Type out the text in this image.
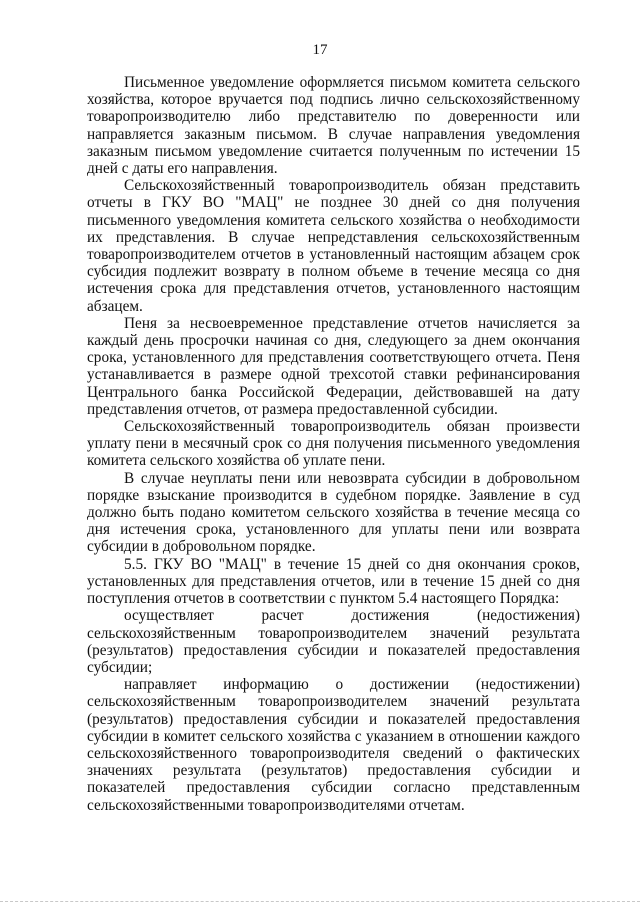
17

Письменное уведомление оформляется письмом комитета сельского хозяйства, которое вручается под подпись лично сельскохозяйственному товаропроизводителю либо представителю по доверенности или направляется заказным письмом. В случае направления уведомления заказным письмом уведомление считается полученным по истечении 15 дней с даты его направления.

Сельскохозяйственный товаропроизводитель обязан представить отчеты в ГКУ ВО "МАЦ" не позднее 30 дней со дня получения письменного уведомления комитета сельского хозяйства о необходимости их представления. В случае непредставления сельскохозяйственным товаропроизводителем отчетов в установленный настоящим абзацем срок субсидия подлежит возврату в полном объеме в течение месяца со дня истечения срока для представления отчетов, установленного настоящим абзацем.

Пеня за несвоевременное представление отчетов начисляется за каждый день просрочки начиная со дня, следующего за днем окончания срока, установленного для представления соответствующего отчета. Пеня устанавливается в размере одной трехсотой ставки рефинансирования Центрального банка Российской Федерации, действовавшей на дату представления отчетов, от размера предоставленной субсидии.

Сельскохозяйственный товаропроизводитель обязан произвести уплату пени в месячный срок со дня получения письменного уведомления комитета сельского хозяйства об уплате пени.

В случае неуплаты пени или невозврата субсидии в добровольном порядке взыскание производится в судебном порядке. Заявление в суд должно быть подано комитетом сельского хозяйства в течение месяца со дня истечения срока, установленного для уплаты пени или возврата субсидии в добровольном порядке.

5.5. ГКУ ВО "МАЦ" в течение 15 дней со дня окончания сроков, установленных для представления отчетов, или в течение 15 дней со дня поступления отчетов в соответствии с пунктом 5.4 настоящего Порядка:

осуществляет расчет достижения (недостижения) сельскохозяйственным товаропроизводителем значений результата (результатов) предоставления субсидии и показателей предоставления субсидии;

направляет информацию о достижении (недостижении) сельскохозяйственным товаропроизводителем значений результата (результатов) предоставления субсидии и показателей предоставления субсидии в комитет сельского хозяйства с указанием в отношении каждого сельскохозяйственного товаропроизводителя сведений о фактических значениях результата (результатов) предоставления субсидии и показателей предоставления субсидии согласно представленным сельскохозяйственными товаропроизводителями отчетам.
